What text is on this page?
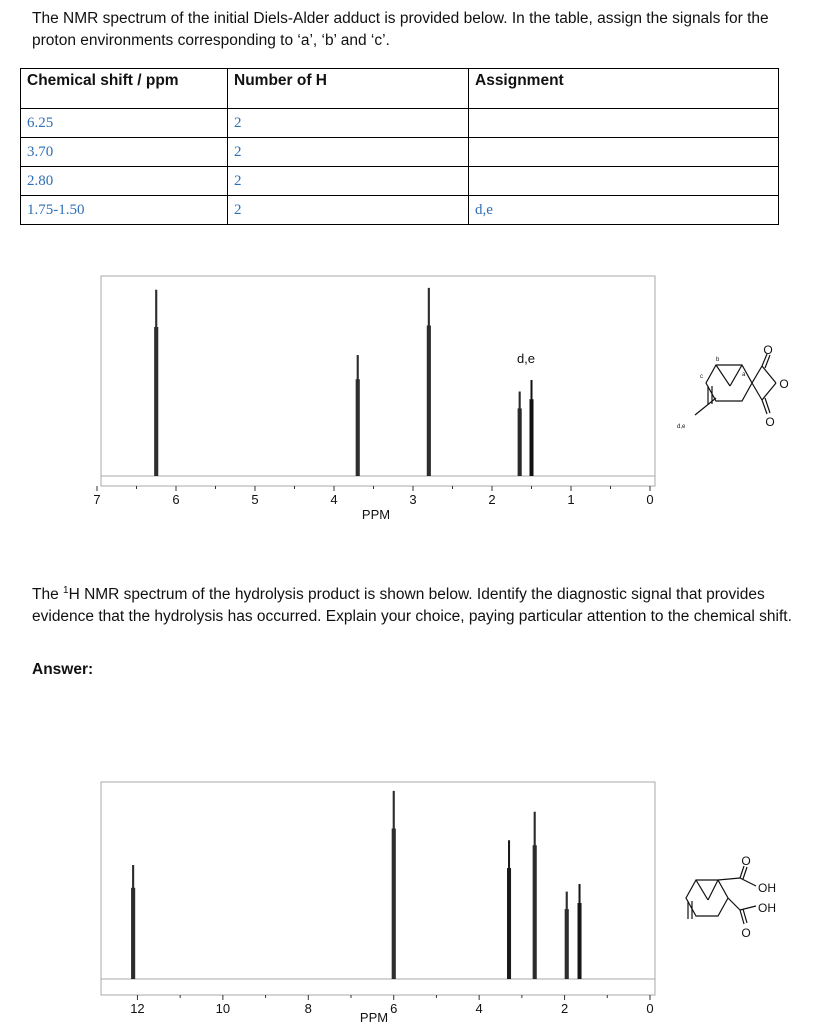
The NMR spectrum of the initial Diels-Alder adduct is provided below. In the table, assign the signals for the proton environments corresponding to ‘a’, ‘b’ and ‘c’.

Chemical shift / ppm	Number of H	Assignment
6.25	2	
3.70	2	
2.80	2	
1.75-1.50	2	d,e
7	6	5	4	3	2	1	0
PPM
d,e
O
O
O
b
a
c
d,e

The $^1$H NMR spectrum of the hydrolysis product is shown below. Identify the diagnostic signal that provides evidence that the hydrolysis has occurred. Explain your choice, paying particular attention to the chemical shift.

Answer:
12	10	8	6	4	2	0
PPM
O
OH
OH
O
